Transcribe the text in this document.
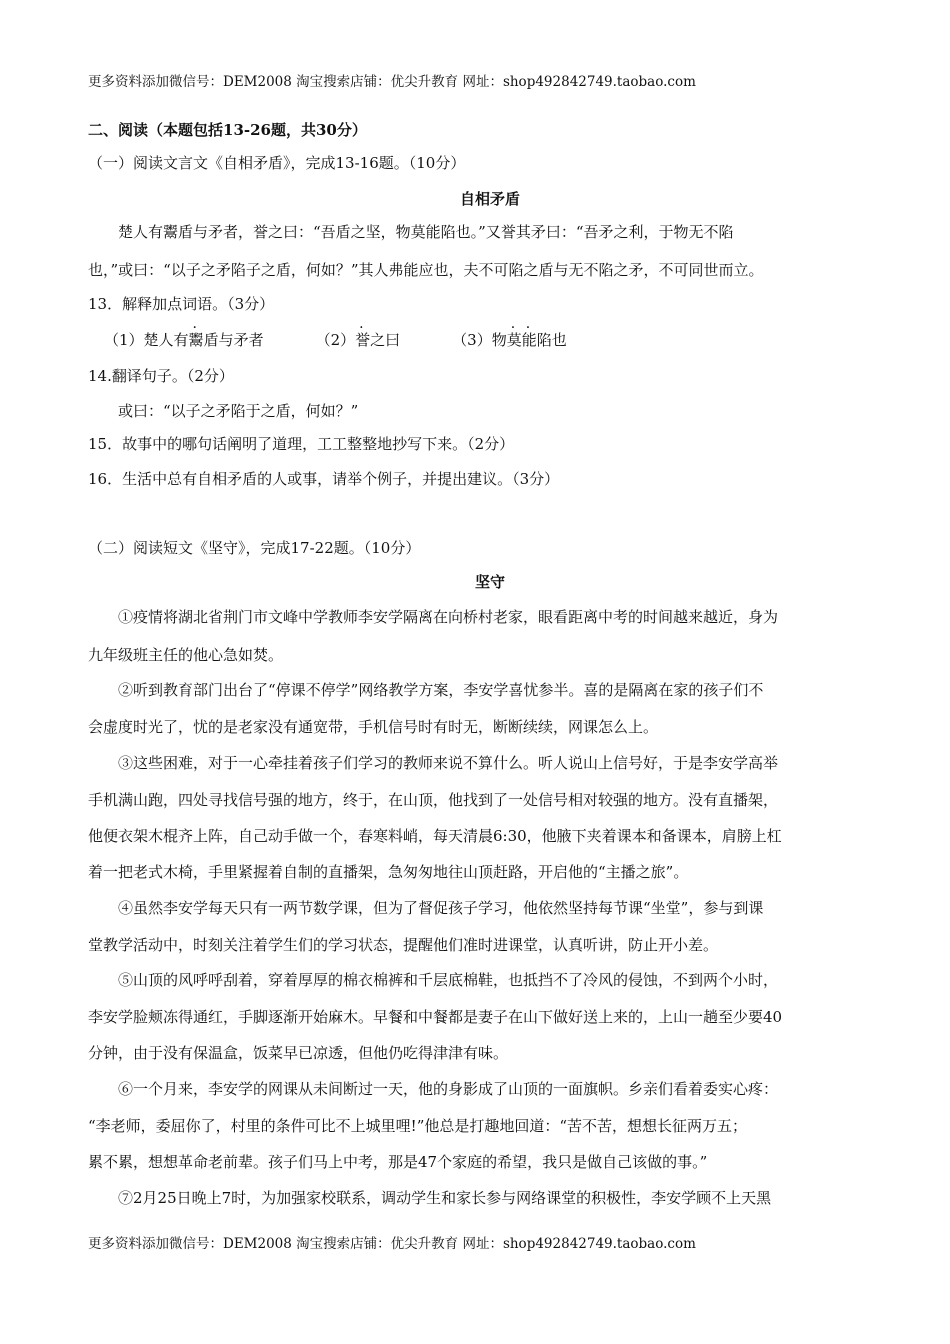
更多资料添加微信号：DEM2008 淘宝搜索店铺：优尖升教育 网址：shop492842749.taobao.com
二、阅读（本题包括13-26题，共30分）
（一）阅读文言文《自相矛盾》，完成13-16题。（10分）
自相矛盾
楚人有鬻盾与矛者，誉之曰：“吾盾之坚，物莫能陷也。”又誉其矛曰：“吾矛之利，于物无不陷
也，”或曰：“以子之矛陷子之盾，何如？”其人弗能应也，夫不可陷之盾与无不陷之矛，不可同世而立。
13．解释加点词语。（3分）
（1）楚人有鬻盾与矛者	（2）誉之曰	（3）物莫能陷也
14.翻译句子。（2分）
或曰：“以子之矛陷于之盾，何如？”
15．故事中的哪句话阐明了道理，工工整整地抄写下来。（2分）
16．生活中总有自相矛盾的人或事，请举个例子，并提出建议。（3分）
（二）阅读短文《坚守》，完成17-22题。（10分）
坚守
①疫情将湖北省荆门市文峰中学教师李安学隔离在向桥村老家，眼看距离中考的时间越来越近，身为
九年级班主任的他心急如焚。
②听到教育部门出台了“停课不停学”网络教学方案，李安学喜忧参半。喜的是隔离在家的孩子们不
会虚度时光了，忧的是老家没有通宽带，手机信号时有时无，断断续续，网课怎么上。
③这些困难，对于一心牵挂着孩子们学习的教师来说不算什么。听人说山上信号好，于是李安学高举
手机满山跑，四处寻找信号强的地方，终于，在山顶，他找到了一处信号相对较强的地方。没有直播架，
他便衣架木棍齐上阵，自己动手做一个，春寒料峭，每天清晨6:30，他腋下夹着课本和备课本，肩膀上杠
着一把老式木椅，手里紧握着自制的直播架，急匆匆地往山顶赶路，开启他的“主播之旅”。
④虽然李安学每天只有一两节数学课，但为了督促孩子学习，他依然坚持每节课“坐堂”，参与到课
堂教学活动中，时刻关注着学生们的学习状态，提醒他们准时进课堂，认真听讲，防止开小差。
⑤山顶的风呼呼刮着，穿着厚厚的棉衣棉裤和千层底棉鞋，也抵挡不了冷风的侵蚀，不到两个小时，
李安学脸颊冻得通红，手脚逐渐开始麻木。早餐和中餐都是妻子在山下做好送上来的，上山一趟至少要40
分钟，由于没有保温盒，饭菜早已凉透，但他仍吃得津津有味。
⑥一个月来，李安学的网课从未间断过一天，他的身影成了山顶的一面旗帜。乡亲们看着委实心疼：
“李老师，委屈你了，村里的条件可比不上城里哩!”他总是打趣地回道：“苦不苦，想想长征两万五；
累不累，想想革命老前辈。孩子们马上中考，那是47个家庭的希望，我只是做自己该做的事。”
⑦2月25日晚上7时，为加强家校联系，调动学生和家长参与网络课堂的积极性，李安学顾不上天黑
更多资料添加微信号：DEM2008 淘宝搜索店铺：优尖升教育 网址：shop492842749.taobao.com
